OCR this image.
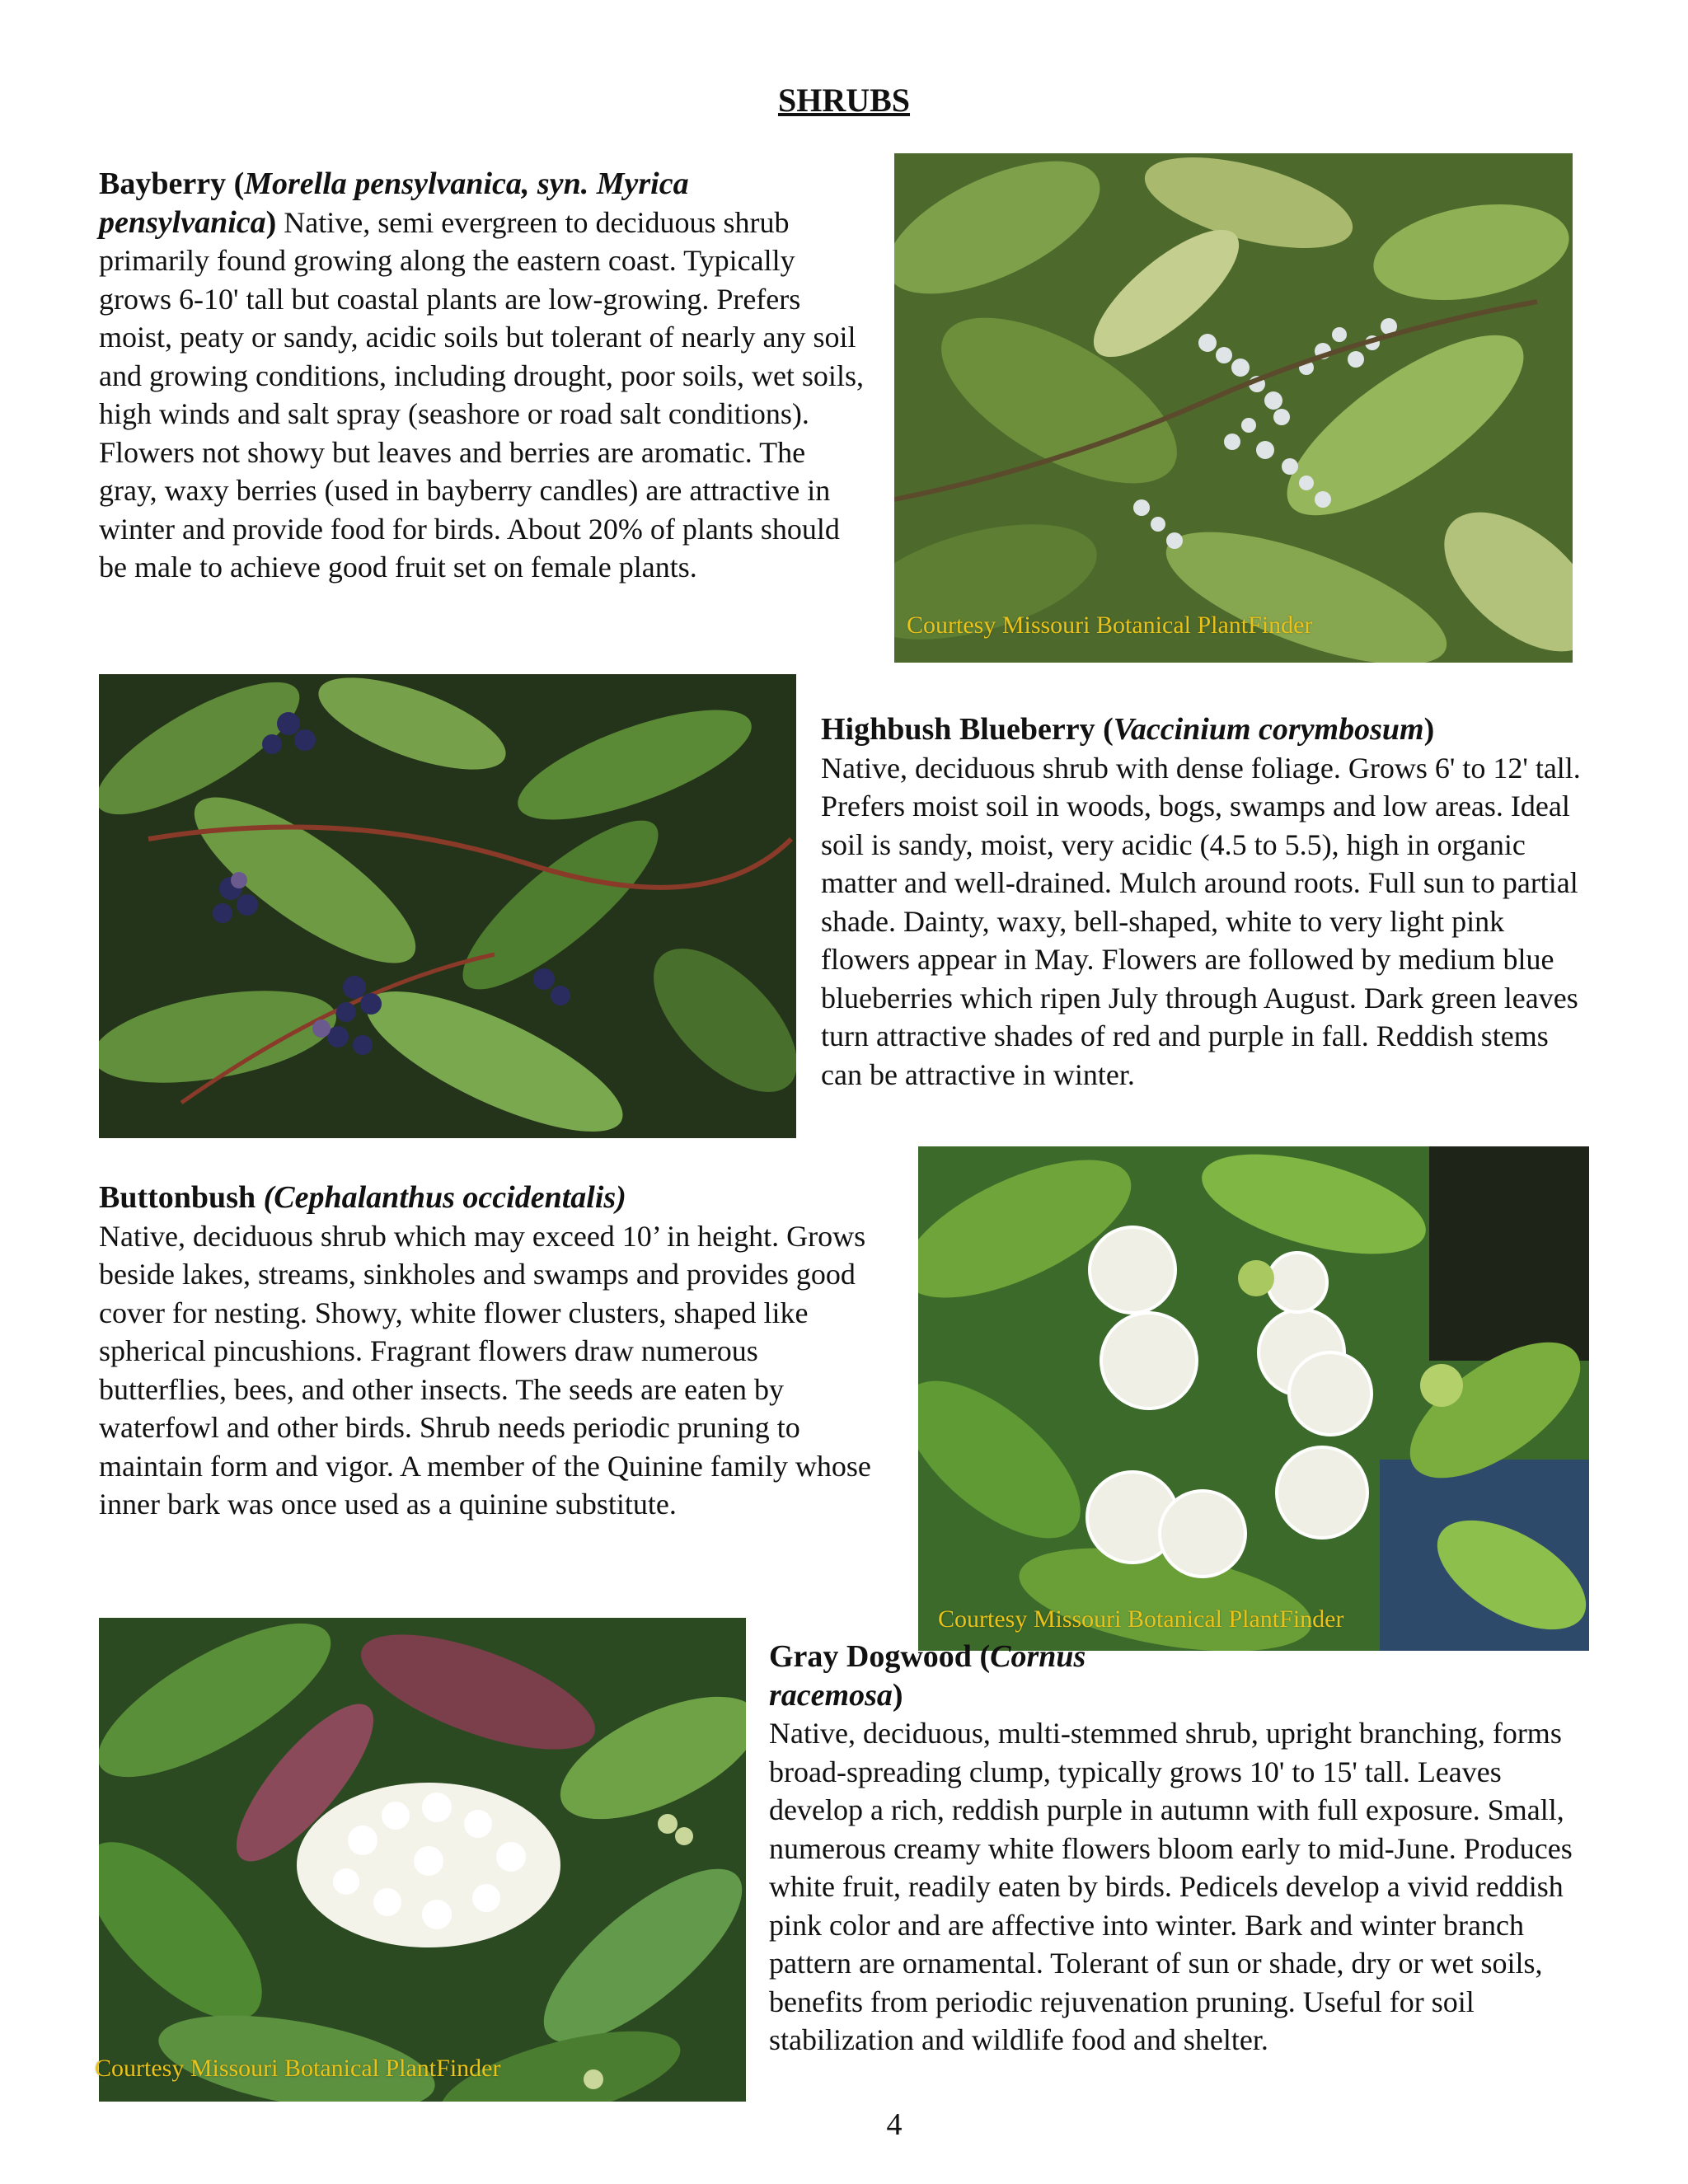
SHRUBS
Bayberry (Morella pensylvanica, syn. Myrica pensylvanica) Native, semi evergreen to deciduous shrub primarily found growing along the eastern coast. Typically grows 6-10' tall but coastal plants are low-growing. Prefers moist, peaty or sandy, acidic soils but tolerant of nearly any soil and growing conditions, including drought, poor soils, wet soils, high winds and salt spray (seashore or road salt conditions). Flowers not showy but leaves and berries are aromatic. The gray, waxy berries (used in bayberry candles) are attractive in winter and provide food for birds. About 20% of plants should be male to achieve good fruit set on female plants.
Courtesy Missouri Botanical PlantFinder
Highbush Blueberry (Vaccinium corymbosum)
Native, deciduous shrub with dense foliage. Grows 6' to 12' tall. Prefers moist soil in woods, bogs, swamps and low areas. Ideal soil is sandy, moist, very acidic (4.5 to 5.5), high in organic matter and well-drained. Mulch around roots. Full sun to partial shade. Dainty, waxy, bell-shaped, white to very light pink flowers appear in May. Flowers are followed by medium blue blueberries which ripen July through August. Dark green leaves turn attractive shades of red and purple in fall. Reddish stems can be attractive in winter.
Buttonbush (Cephalanthus occidentalis)
Native, deciduous shrub which may exceed 10’ in height. Grows beside lakes, streams, sinkholes and swamps and provides good cover for nesting. Showy, white flower clusters, shaped like spherical pincushions. Fragrant flowers draw numerous butterflies, bees, and other insects. The seeds are eaten by waterfowl and other birds. Shrub needs periodic pruning to maintain form and vigor. A member of the Quinine family whose inner bark was once used as a quinine substitute.
Courtesy Missouri Botanical PlantFinder
Courtesy Missouri Botanical PlantFinder
Gray Dogwood (Cornus racemosa)
Native, deciduous, multi-stemmed shrub, upright branching, forms broad-spreading clump, typically grows 10' to 15' tall. Leaves develop a rich, reddish purple in autumn with full exposure. Small, numerous creamy white flowers bloom early to mid-June. Produces white fruit, readily eaten by birds. Pedicels develop a vivid reddish pink color and are affective into winter. Bark and winter branch pattern are ornamental. Tolerant of sun or shade, dry or wet soils, benefits from periodic rejuvenation pruning. Useful for soil stabilization and wildlife food and shelter.
4
